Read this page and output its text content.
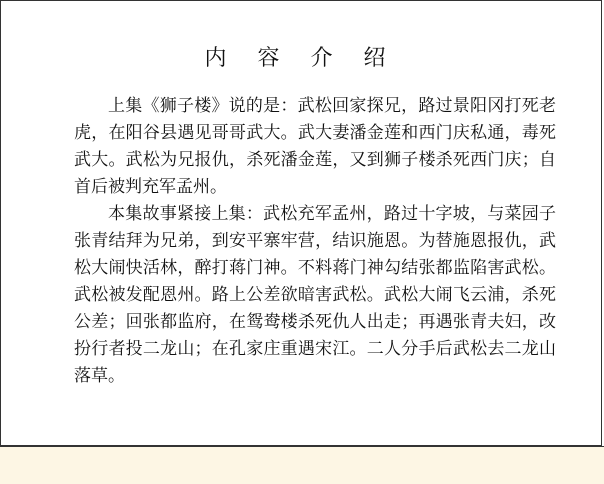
内 容 介 绍

上集《狮子楼》说的是：武松回家探兄，路过景阳冈打死老虎，在阳谷县遇见哥哥武大。武大妻潘金莲和西门庆私通，毒死武大。武松为兄报仇，杀死潘金莲，又到狮子楼杀死西门庆；自首后被判充军孟州。

本集故事紧接上集：武松充军孟州，路过十字坡，与菜园子张青结拜为兄弟，到安平寨牢营，结识施恩。为替施恩报仇，武松大闹快活林，醉打蒋门神。不料蒋门神勾结张都监陷害武松。武松被发配恩州。路上公差欲暗害武松。武松大闹飞云浦，杀死公差；回张都监府，在鸳鸯楼杀死仇人出走；再遇张青夫妇，改扮行者投二龙山；在孔家庄重遇宋江。二人分手后武松去二龙山落草。
